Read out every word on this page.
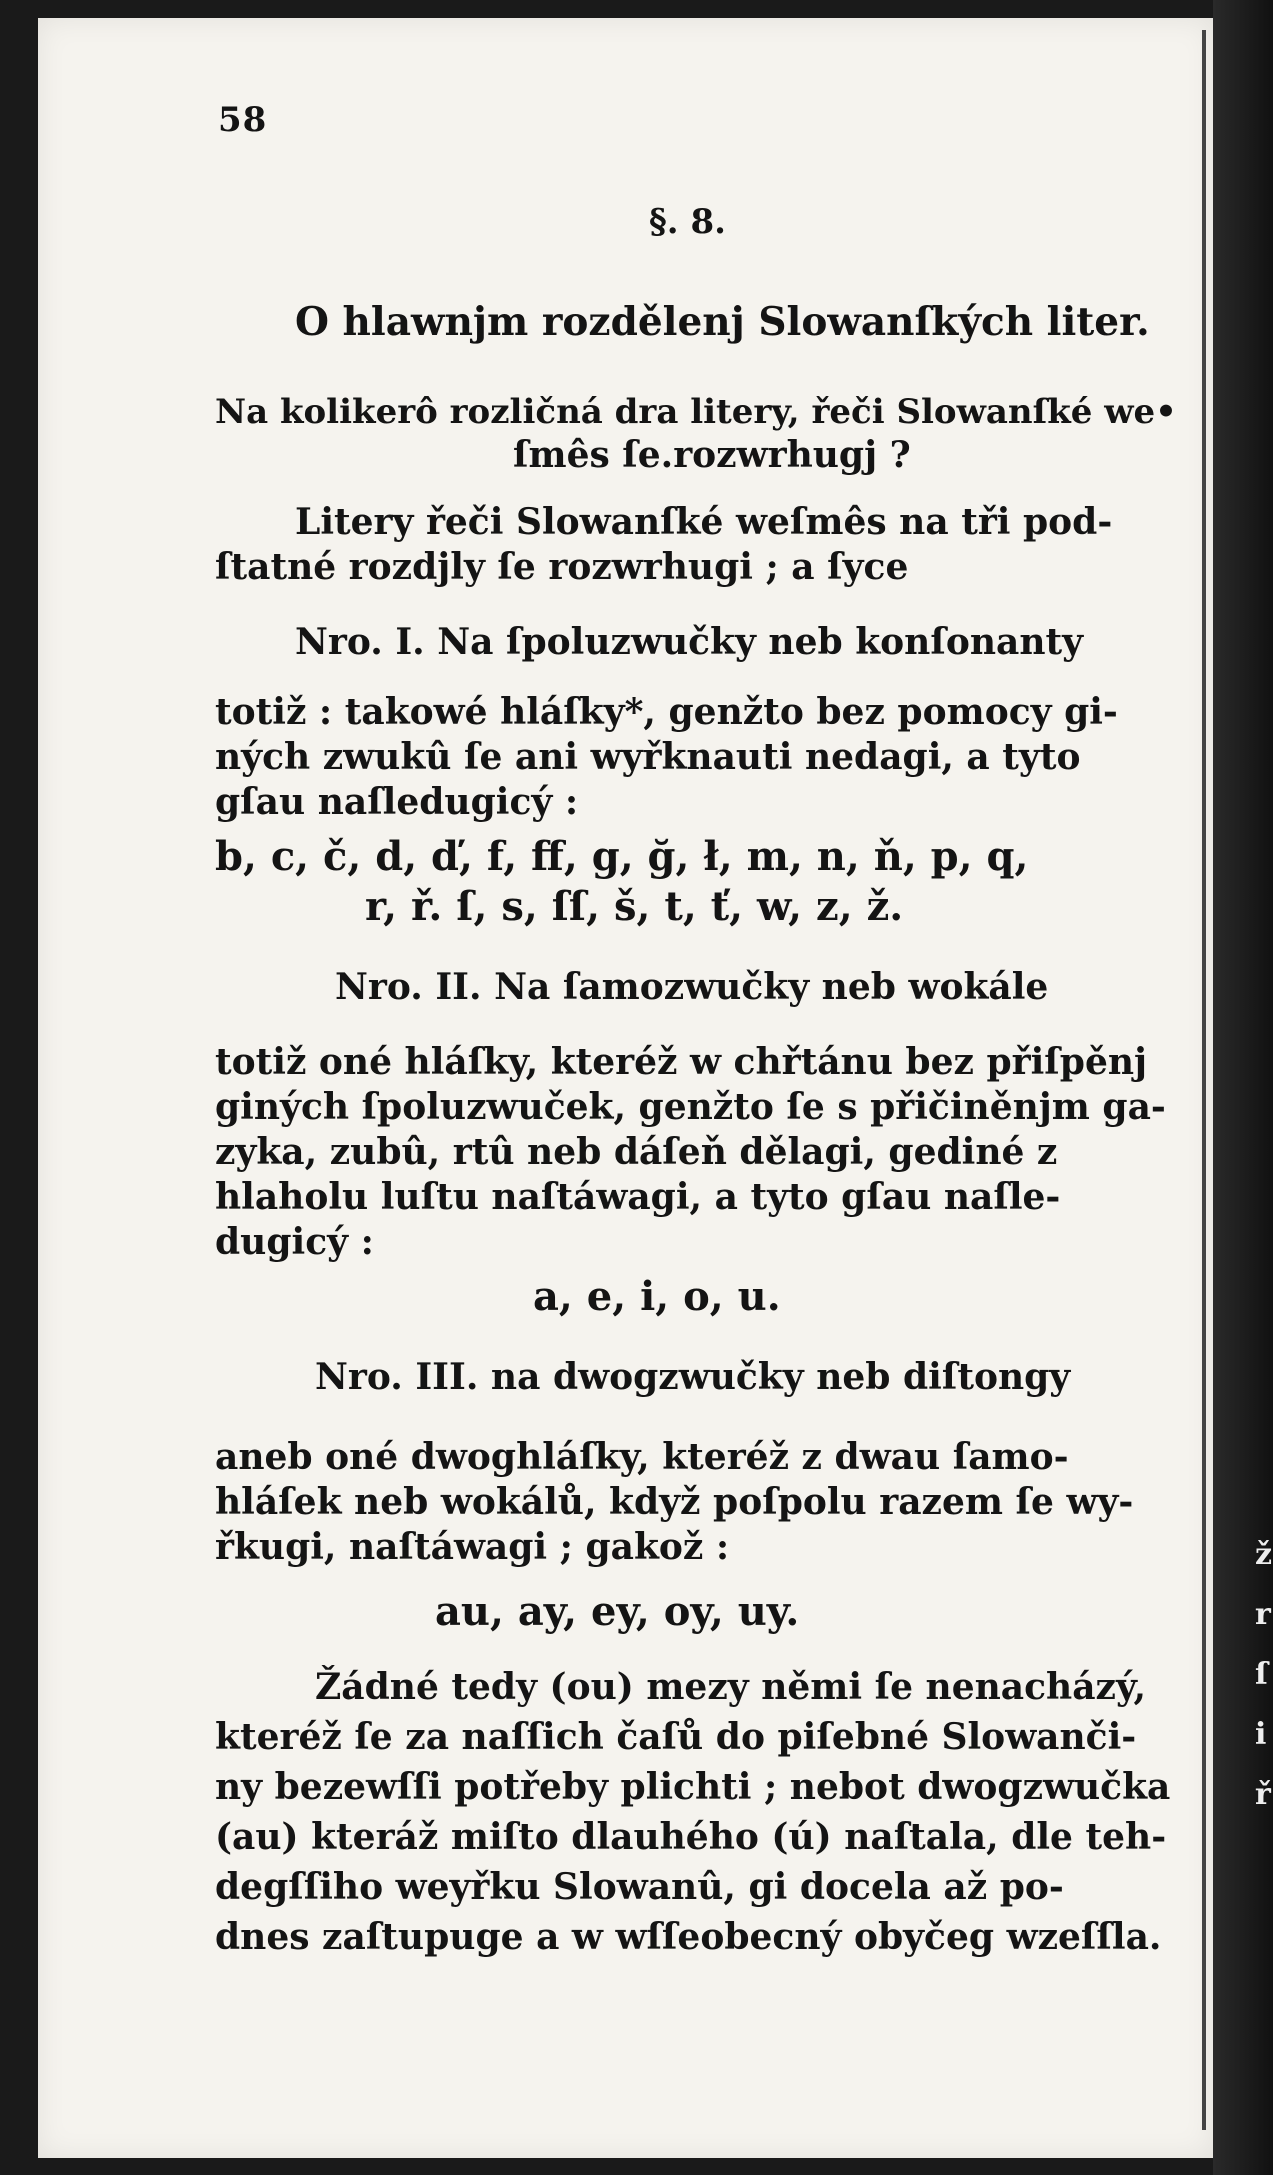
ž
r
ſ
i
ř
58
§. 8.
O hlawnjm rozdělenj Slowanſkých liter.
Na kolikerô rozličná dra litery, řeči Slowanſké we•
ſmês ſe.rozwrhugj ?
Litery řeči Slowanſké weſmês na tři pod‐
ſtatné rozdjly ſe rozwrhugi ; a ſyce
Nro. I. Na ſpoluzwučky neb konſonanty
totiž : takowé hláſky*, genžto bez pomocy gi‐
ných zwukû ſe ani wyřknauti nedagi, a tyto
gſau naſledugicý :
b, c, č, d, ď, f, ff, g, ğ, ł, m, n, ň, p, q,
r, ř. ſ, s, ſſ, š, t, ť, w, z, ž.
Nro. II. Na ſamozwučky neb wokále
totiž oné hláſky, kteréž w chřtánu bez přiſpěnj
giných ſpoluzwuček, genžto ſe s přičiněnjm ga‐
zyka, zubû, rtû neb dáſeň dělagi, gediné z
hlaholu luſtu naſtáwagi, a tyto gſau naſle‐
dugicý :
a, e, i, o, u.
Nro. III. na dwogzwučky neb diſtongy
aneb oné dwoghláſky, kteréž z dwau ſamo‐
hláſek neb wokálů, když poſpolu razem ſe wy‐
řkugi, naſtáwagi ; gakož :
au, ay, ey, oy, uy.
Žádné tedy (ou) mezy němi ſe nenacházý,
kteréž ſe za naſſich čaſů do piſebné Slowanči‐
ny bezewſſi potřeby plichti ; nebot dwogzwučka
(au) kteráž miſto dlauhého (ú) naſtala, dle teh‐
degſſiho weyřku Slowanû, gi docela až po‐
dnes zaſtupuge a w wſſeobecný obyčeg wzeſſla.
